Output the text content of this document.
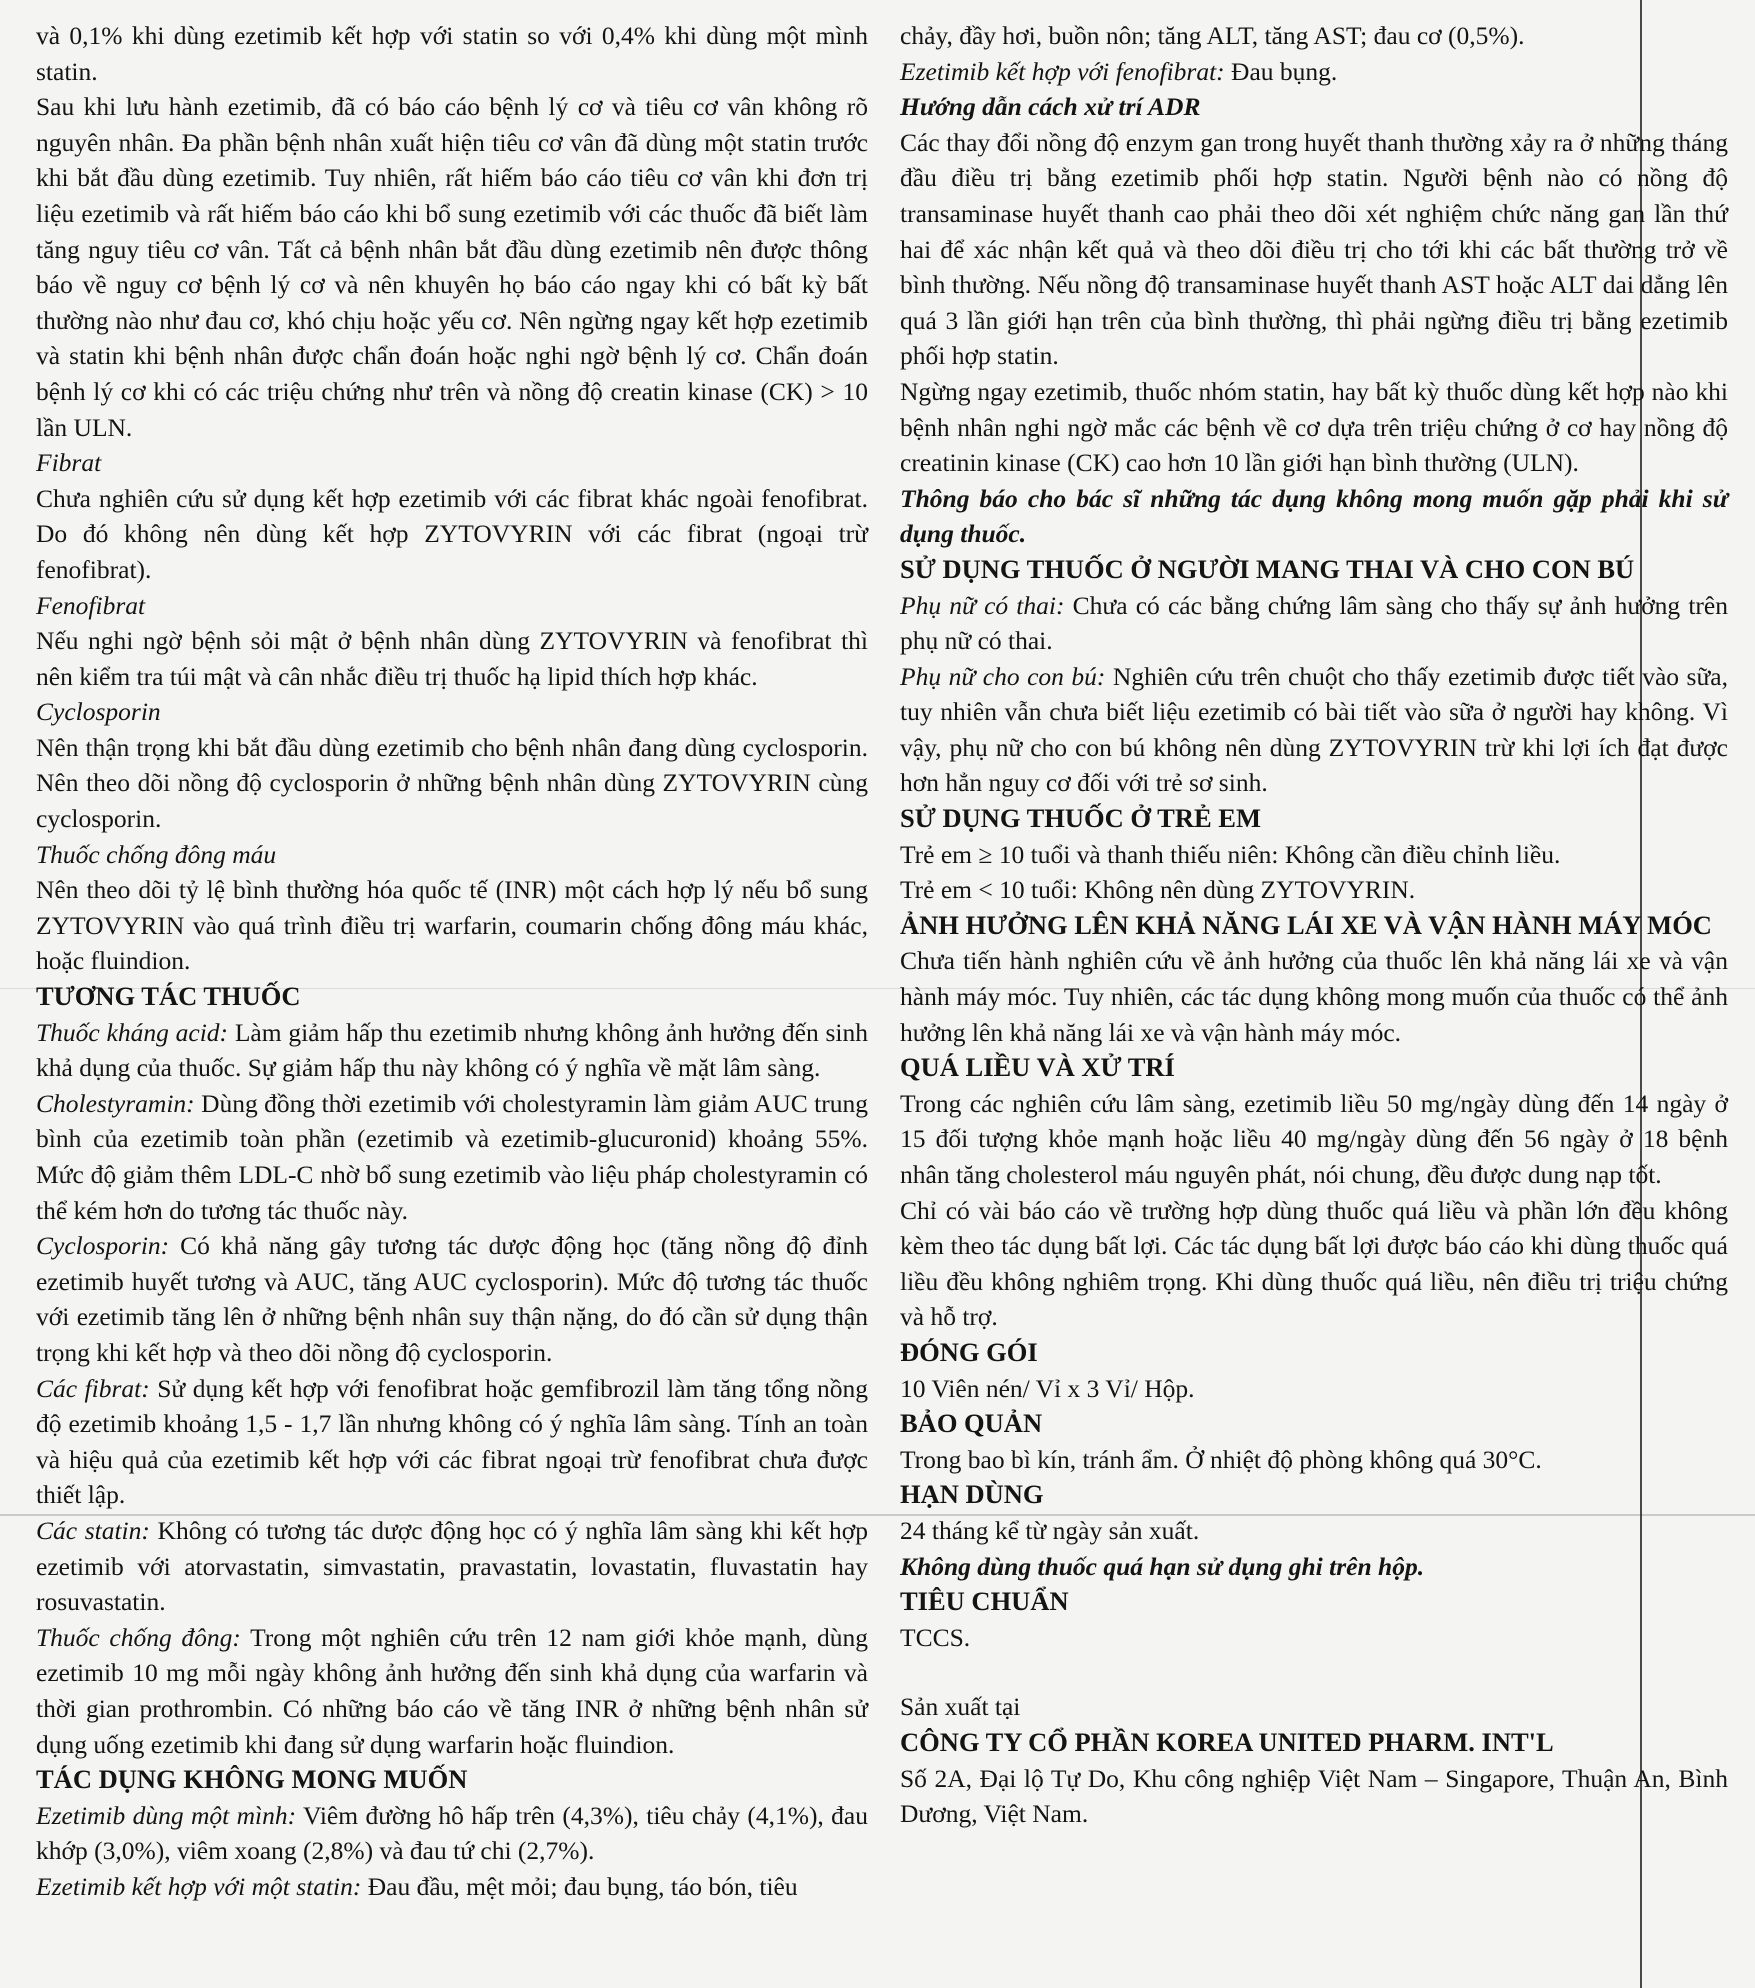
và 0,1% khi dùng ezetimib kết hợp với statin so với 0,4% khi dùng một mình statin.

Sau khi lưu hành ezetimib, đã có báo cáo bệnh lý cơ và tiêu cơ vân không rõ nguyên nhân. Đa phần bệnh nhân xuất hiện tiêu cơ vân đã dùng một statin trước khi bắt đầu dùng ezetimib. Tuy nhiên, rất hiếm báo cáo tiêu cơ vân khi đơn trị liệu ezetimib và rất hiếm báo cáo khi bổ sung ezetimib với các thuốc đã biết làm tăng nguy tiêu cơ vân. Tất cả bệnh nhân bắt đầu dùng ezetimib nên được thông báo về nguy cơ bệnh lý cơ và nên khuyên họ báo cáo ngay khi có bất kỳ bất thường nào như đau cơ, khó chịu hoặc yếu cơ. Nên ngừng ngay kết hợp ezetimib và statin khi bệnh nhân được chẩn đoán hoặc nghi ngờ bệnh lý cơ. Chẩn đoán bệnh lý cơ khi có các triệu chứng như trên và nồng độ creatin kinase (CK) > 10 lần ULN.

Fibrat

Chưa nghiên cứu sử dụng kết hợp ezetimib với các fibrat khác ngoài fenofibrat. Do đó không nên dùng kết hợp ZYTOVYRIN với các fibrat (ngoại trừ fenofibrat).

Fenofibrat

Nếu nghi ngờ bệnh sỏi mật ở bệnh nhân dùng ZYTOVYRIN và fenofibrat thì nên kiểm tra túi mật và cân nhắc điều trị thuốc hạ lipid thích hợp khác.

Cyclosporin

Nên thận trọng khi bắt đầu dùng ezetimib cho bệnh nhân đang dùng cyclosporin. Nên theo dõi nồng độ cyclosporin ở những bệnh nhân dùng ZYTOVYRIN cùng cyclosporin.

Thuốc chống đông máu

Nên theo dõi tỷ lệ bình thường hóa quốc tế (INR) một cách hợp lý nếu bổ sung ZYTOVYRIN vào quá trình điều trị warfarin, coumarin chống đông máu khác, hoặc fluindion.

TƯƠNG TÁC THUỐC

Thuốc kháng acid: Làm giảm hấp thu ezetimib nhưng không ảnh hưởng đến sinh khả dụng của thuốc. Sự giảm hấp thu này không có ý nghĩa về mặt lâm sàng.

Cholestyramin: Dùng đồng thời ezetimib với cholestyramin làm giảm AUC trung bình của ezetimib toàn phần (ezetimib và ezetimib-glucuronid) khoảng 55%. Mức độ giảm thêm LDL-C nhờ bổ sung ezetimib vào liệu pháp cholestyramin có thể kém hơn do tương tác thuốc này.

Cyclosporin: Có khả năng gây tương tác dược động học (tăng nồng độ đỉnh ezetimib huyết tương và AUC, tăng AUC cyclosporin). Mức độ tương tác thuốc với ezetimib tăng lên ở những bệnh nhân suy thận nặng, do đó cần sử dụng thận trọng khi kết hợp và theo dõi nồng độ cyclosporin.

Các fibrat: Sử dụng kết hợp với fenofibrat hoặc gemfibrozil làm tăng tổng nồng độ ezetimib khoảng 1,5 - 1,7 lần nhưng không có ý nghĩa lâm sàng. Tính an toàn và hiệu quả của ezetimib kết hợp với các fibrat ngoại trừ fenofibrat chưa được thiết lập.

Các statin: Không có tương tác dược động học có ý nghĩa lâm sàng khi kết hợp ezetimib với atorvastatin, simvastatin, pravastatin, lovastatin, fluvastatin hay rosuvastatin.

Thuốc chống đông: Trong một nghiên cứu trên 12 nam giới khỏe mạnh, dùng ezetimib 10 mg mỗi ngày không ảnh hưởng đến sinh khả dụng của warfarin và thời gian prothrombin. Có những báo cáo về tăng INR ở những bệnh nhân sử dụng uống ezetimib khi đang sử dụng warfarin hoặc fluindion.

TÁC DỤNG KHÔNG MONG MUỐN

Ezetimib dùng một mình: Viêm đường hô hấp trên (4,3%), tiêu chảy (4,1%), đau khớp (3,0%), viêm xoang (2,8%) và đau tứ chi (2,7%).

Ezetimib kết hợp với một statin: Đau đầu, mệt mỏi; đau bụng, táo bón, tiêu

chảy, đầy hơi, buồn nôn; tăng ALT, tăng AST; đau cơ (0,5%).

Ezetimib kết hợp với fenofibrat: Đau bụng.

Hướng dẫn cách xử trí ADR

Các thay đổi nồng độ enzym gan trong huyết thanh thường xảy ra ở những tháng đầu điều trị bằng ezetimib phối hợp statin. Người bệnh nào có nồng độ transaminase huyết thanh cao phải theo dõi xét nghiệm chức năng gan lần thứ hai để xác nhận kết quả và theo dõi điều trị cho tới khi các bất thường trở về bình thường. Nếu nồng độ transaminase huyết thanh AST hoặc ALT dai dẳng lên quá 3 lần giới hạn trên của bình thường, thì phải ngừng điều trị bằng ezetimib phối hợp statin.

Ngừng ngay ezetimib, thuốc nhóm statin, hay bất kỳ thuốc dùng kết hợp nào khi bệnh nhân nghi ngờ mắc các bệnh về cơ dựa trên triệu chứng ở cơ hay nồng độ creatinin kinase (CK) cao hơn 10 lần giới hạn bình thường (ULN).

Thông báo cho bác sĩ những tác dụng không mong muốn gặp phải khi sử dụng thuốc.

SỬ DỤNG THUỐC Ở NGƯỜI MANG THAI VÀ CHO CON BÚ

Phụ nữ có thai: Chưa có các bằng chứng lâm sàng cho thấy sự ảnh hưởng trên phụ nữ có thai.

Phụ nữ cho con bú: Nghiên cứu trên chuột cho thấy ezetimib được tiết vào sữa, tuy nhiên vẫn chưa biết liệu ezetimib có bài tiết vào sữa ở người hay không. Vì vậy, phụ nữ cho con bú không nên dùng ZYTOVYRIN trừ khi lợi ích đạt được hơn hẳn nguy cơ đối với trẻ sơ sinh.

SỬ DỤNG THUỐC Ở TRẺ EM

Trẻ em ≥ 10 tuổi và thanh thiếu niên: Không cần điều chỉnh liều.

Trẻ em < 10 tuổi: Không nên dùng ZYTOVYRIN.

ẢNH HƯỞNG LÊN KHẢ NĂNG LÁI XE VÀ VẬN HÀNH MÁY MÓC

Chưa tiến hành nghiên cứu về ảnh hưởng của thuốc lên khả năng lái xe và vận hành máy móc. Tuy nhiên, các tác dụng không mong muốn của thuốc có thể ảnh hưởng lên khả năng lái xe và vận hành máy móc.

QUÁ LIỀU VÀ XỬ TRÍ

Trong các nghiên cứu lâm sàng, ezetimib liều 50 mg/ngày dùng đến 14 ngày ở 15 đối tượng khỏe mạnh hoặc liều 40 mg/ngày dùng đến 56 ngày ở 18 bệnh nhân tăng cholesterol máu nguyên phát, nói chung, đều được dung nạp tốt.

Chỉ có vài báo cáo về trường hợp dùng thuốc quá liều và phần lớn đều không kèm theo tác dụng bất lợi. Các tác dụng bất lợi được báo cáo khi dùng thuốc quá liều đều không nghiêm trọng. Khi dùng thuốc quá liều, nên điều trị triệu chứng và hỗ trợ.

ĐÓNG GÓI

10 Viên nén/ Vỉ x 3 Vỉ/ Hộp.

BẢO QUẢN

Trong bao bì kín, tránh ẩm. Ở nhiệt độ phòng không quá 30°C.

HẠN DÙNG

24 tháng kể từ ngày sản xuất.

Không dùng thuốc quá hạn sử dụng ghi trên hộp.

TIÊU CHUẨN

TCCS.

Sản xuất tại

CÔNG TY CỔ PHẦN KOREA UNITED PHARM. INT'L

Số 2A, Đại lộ Tự Do, Khu công nghiệp Việt Nam – Singapore, Thuận An, Bình Dương, Việt Nam.
